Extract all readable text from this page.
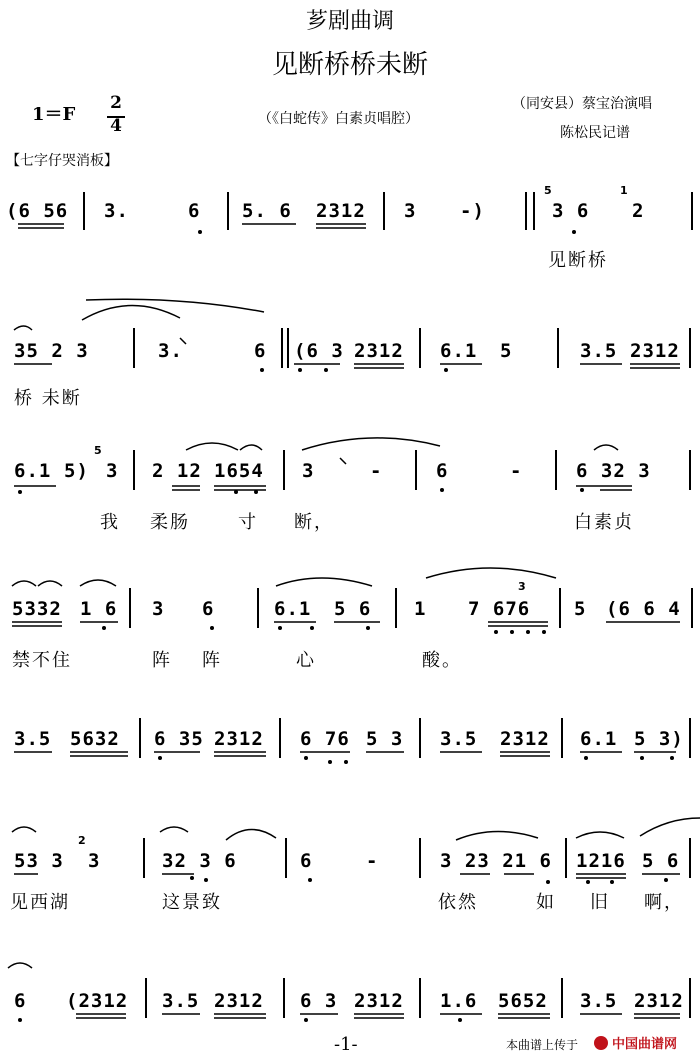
芗剧曲调
见断桥桥未断
1＝F
2
4	（《白蛇传》白素贞唱腔）
（同安县）蔡宝治演唱
陈松民记谱
【七字仔哭消板】
(6 56 3.	6 5. 6 2312 3 -)	3 6 2
见断桥
35 2 3	3.	6 (6 3 2312 6.1 5	3.5 2312
桥 未断
6.1 5) 3 2 12 1654 3	-	6	-	6 32 3
我 柔肠	寸 断，	白素贞
5332 1 6 3 6	6.1 5 6 1 7 676 5 (6 6 4
禁不住	阵 阵	心	酸。
3.5 5632 6 35 2312 6 76 5 3 3.5 2312 6.1 5 3)
53 3 3	32 3 6	6	-	3 23 21 6 1216 5 6
见西湖	这景致	依然	如 旧 啊，
6 (2312 3.5 2312 6 3 2312 1.6 5652 3.5 2312
5	1
5
2
3
-1-	本曲谱上传于	中国曲谱网
